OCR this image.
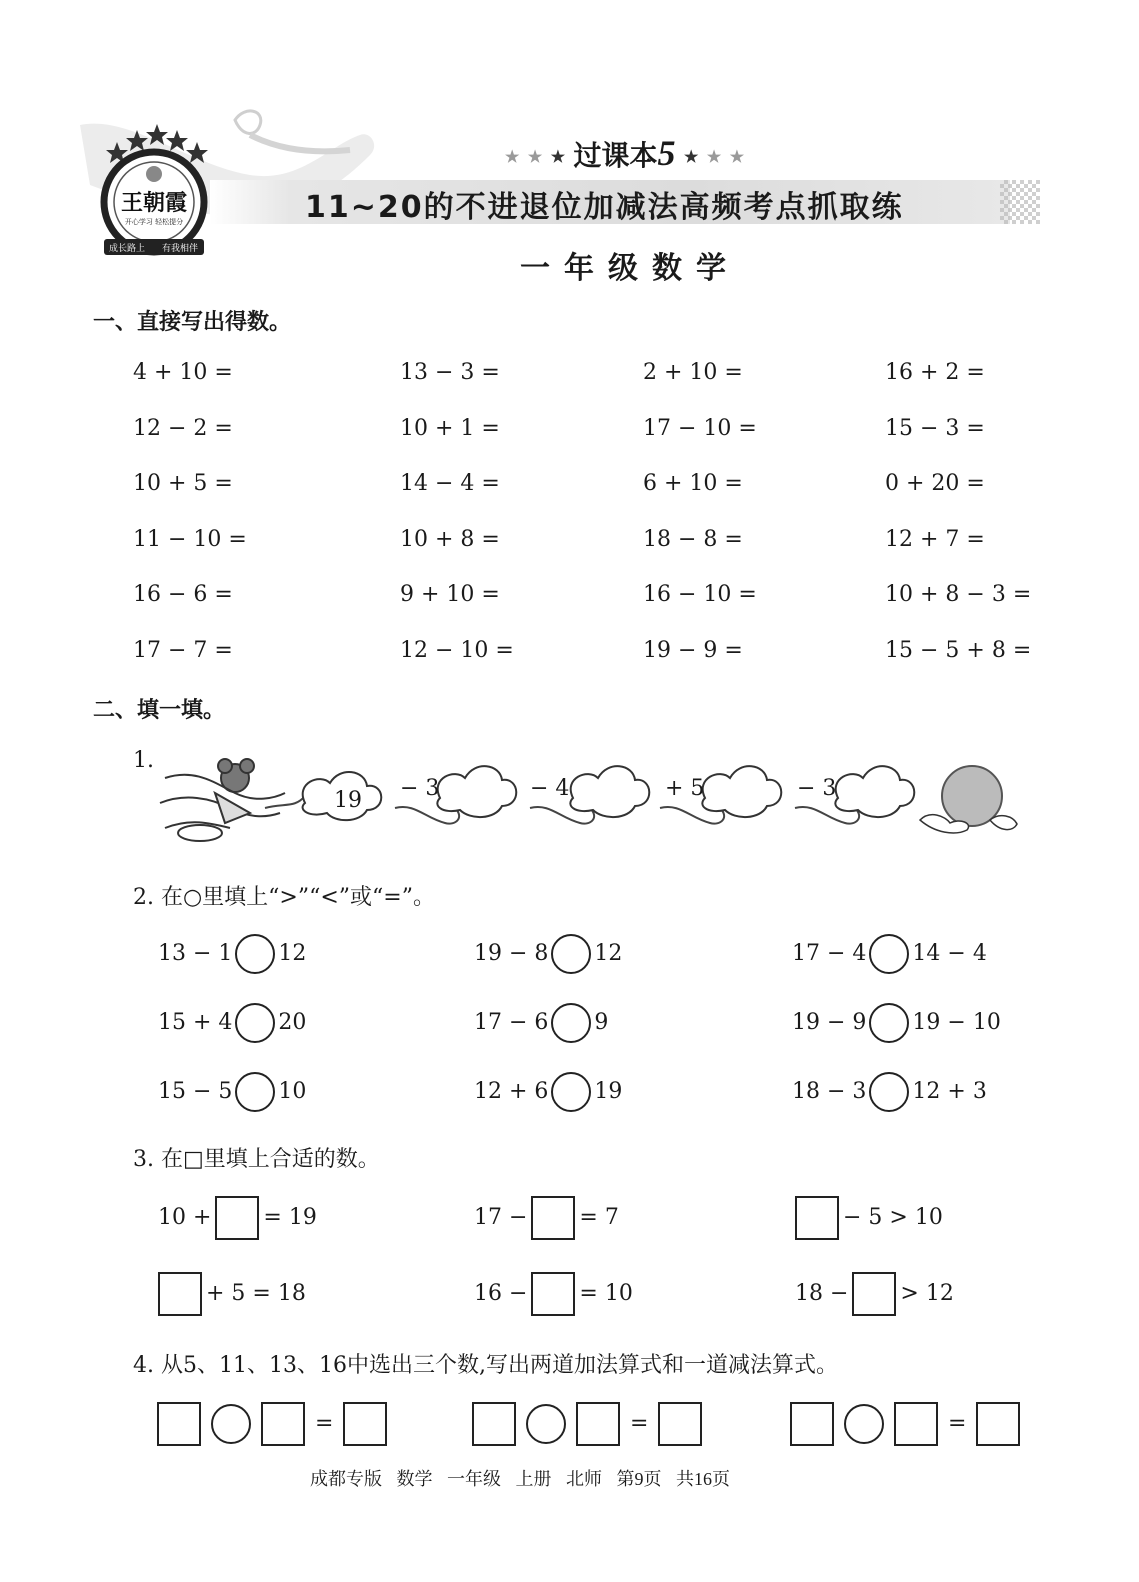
王朝霞
开心学习 轻松提分
成长路上 有我相伴
★ ★ ★ 过课本5 ★ ★ ★
11~20的不进退位加减法高频考点抓取练
一年级数学
一、直接写出得数。
4 + 10 =	13 − 3 =	2 + 10 =	16 + 2 =
12 − 2 =	10 + 1 =	17 − 10 =	15 − 3 =
10 + 5 =	14 − 4 =	6 + 10 =	0 + 20 =
11 − 10 =	10 + 8 =	18 − 8 =	12 + 7 =
16 − 6 =	9 + 10 =	16 − 10 =	10 + 8 − 3 =
17 − 7 =	12 − 10 =	19 − 9 =	15 − 5 + 8 =
二、填一填。
1.
19 − 3	− 4	+ 5	− 3
2. 在○里填上“>”“<”或“=”。
13 − 1 12	19 − 8 12	17 − 4 14 − 4
15 + 4 20	17 − 6 9	19 − 9 19 − 10
15 − 5 10	12 + 6 19	18 − 3 12 + 3
3. 在□里填上合适的数。
10 + = 19	17 − = 7	− 5 > 10
+ 5 = 18	16 − = 10	18 − > 12
4. 从5、11、13、16中选出三个数,写出两道加法算式和一道减法算式。
=	=	=
成都专版 数学 一年级 上册 北师 第9页 共16页
